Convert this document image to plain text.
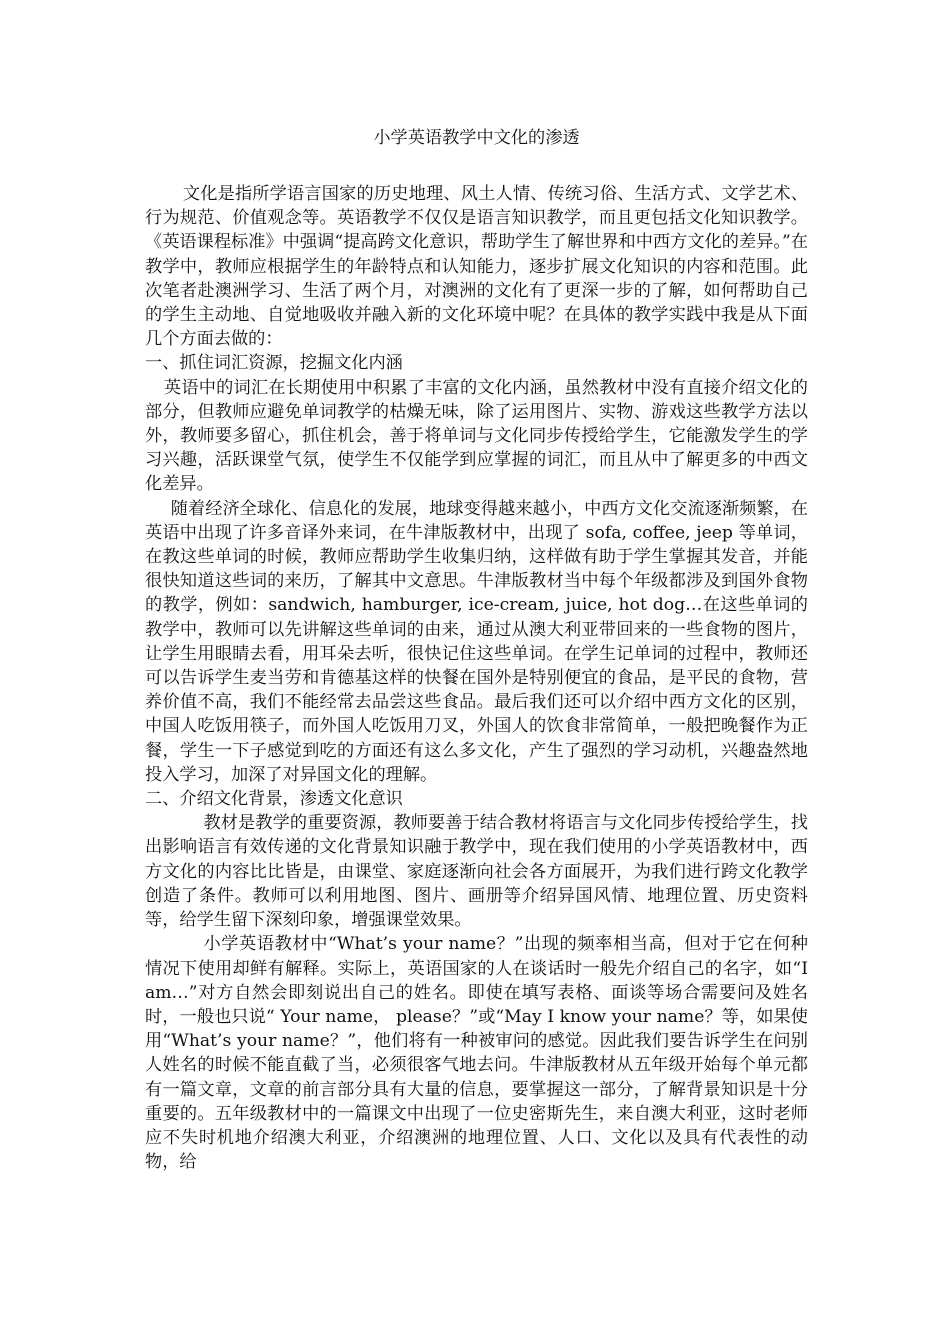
小学英语教学中文化的渗透

文化是指所学语言国家的历史地理、风土人情、传统习俗、生活方式、文学艺术、行为规范、价值观念等。英语教学不仅仅是语言知识教学，而且更包括文化知识教学。《英语课程标准》中强调“提高跨文化意识，帮助学生了解世界和中西方文化的差异。”在教学中，教师应根据学生的年龄特点和认知能力，逐步扩展文化知识的内容和范围。此次笔者赴澳洲学习、生活了两个月，对澳洲的文化有了更深一步的了解，如何帮助自己的学生主动地、自觉地吸收并融入新的文化环境中呢？在具体的教学实践中我是从下面几个方面去做的：

一、抓住词汇资源，挖掘文化内涵

英语中的词汇在长期使用中积累了丰富的文化内涵，虽然教材中没有直接介绍文化的部分，但教师应避免单词教学的枯燥无味，除了运用图片、实物、游戏这些教学方法以外，教师要多留心，抓住机会，善于将单词与文化同步传授给学生，它能激发学生的学习兴趣，活跃课堂气氛，使学生不仅能学到应掌握的词汇，而且从中了解更多的中西文化差异。

随着经济全球化、信息化的发展，地球变得越来越小，中西方文化交流逐渐频繁，在英语中出现了许多音译外来词，在牛津版教材中，出现了 sofa, coffee, jeep 等单词，在教这些单词的时候，教师应帮助学生收集归纳，这样做有助于学生掌握其发音，并能很快知道这些词的来历，了解其中文意思。牛津版教材当中每个年级都涉及到国外食物的教学，例如：sandwich, hamburger, ice-cream, juice, hot dog…在这些单词的教学中，教师可以先讲解这些单词的由来，通过从澳大利亚带回来的一些食物的图片，让学生用眼睛去看，用耳朵去听，很快记住这些单词。在学生记单词的过程中，教师还可以告诉学生麦当劳和肯德基这样的快餐在国外是特别便宜的食品，是平民的食物，营养价值不高，我们不能经常去品尝这些食品。最后我们还可以介绍中西方文化的区别，中国人吃饭用筷子，而外国人吃饭用刀叉，外国人的饮食非常简单，一般把晚餐作为正餐，学生一下子感觉到吃的方面还有这么多文化，产生了强烈的学习动机，兴趣盎然地投入学习，加深了对异国文化的理解。

二、介绍文化背景，渗透文化意识

教材是教学的重要资源，教师要善于结合教材将语言与文化同步传授给学生，找出影响语言有效传递的文化背景知识融于教学中，现在我们使用的小学英语教材中，西方文化的内容比比皆是，由课堂、家庭逐渐向社会各方面展开，为我们进行跨文化教学创造了条件。教师可以利用地图、图片、画册等介绍异国风情、地理位置、历史资料等，给学生留下深刻印象，增强课堂效果。

小学英语教材中“What’s your name？”出现的频率相当高，但对于它在何种情况下使用却鲜有解释。实际上，英语国家的人在谈话时一般先介绍自己的名字，如“I am…”对方自然会即刻说出自己的姓名。即使在填写表格、面谈等场合需要问及姓名时，一般也只说“ Your name， please？”或“May I know your name？等，如果使用“What’s your name？”，他们将有一种被审问的感觉。因此我们要告诉学生在问别人姓名的时候不能直截了当，必须很客气地去问。牛津版教材从五年级开始每个单元都有一篇文章，文章的前言部分具有大量的信息，要掌握这一部分，了解背景知识是十分重要的。五年级教材中的一篇课文中出现了一位史密斯先生，来自澳大利亚，这时老师应不失时机地介绍澳大利亚，介绍澳洲的地理位置、人口、文化以及具有代表性的动物，给
